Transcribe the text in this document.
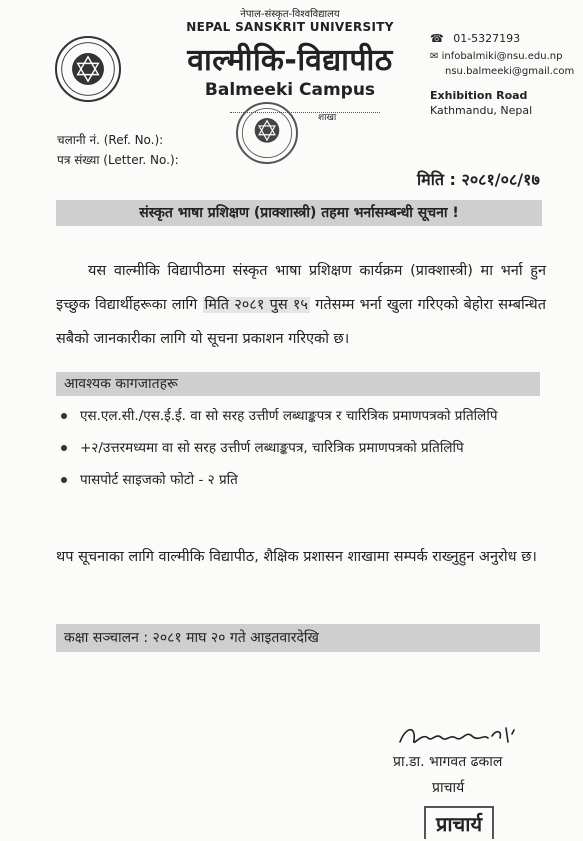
नेपाल-संस्कृत-विश्वविद्यालय
NEPAL SANSKRIT UNIVERSITY
वाल्मीकि-विद्यापीठ
Balmeeki Campus
शाखा
☎ 01-5327193
✉ infobalmiki@nsu.edu.np
nsu.balmeeki@gmail.com
Exhibition Road
Kathmandu, Nepal
चलानी नं. (Ref. No.):
पत्र संख्या (Letter. No.):
मिति : २०८१/०८/१७
संस्कृत भाषा प्रशिक्षण (प्राक्शास्त्री) तहमा भर्नासम्बन्धी सूचना !
यस वाल्मीकि विद्यापीठमा संस्कृत भाषा प्रशिक्षण कार्यक्रम (प्राक्शास्त्री) मा भर्ना हुन इच्छुक विद्यार्थीहरूका लागि मिति २०८१ पुस १५ गतेसम्म भर्ना खुला गरिएको बेहोरा सम्बन्धित सबैको जानकारीका लागि यो सूचना प्रकाशन गरिएको छ।
आवश्यक कागजातहरू
एस.एल.सी./एस.ई.ई. वा सो सरह उत्तीर्ण लब्धाङ्कपत्र र चारित्रिक प्रमाणपत्रको प्रतिलिपि
+२/उत्तरमध्यमा वा सो सरह उत्तीर्ण लब्धाङ्कपत्र, चारित्रिक प्रमाणपत्रको प्रतिलिपि
पासपोर्ट साइजको फोटो - २ प्रति
थप सूचनाका लागि वाल्मीकि विद्यापीठ, शैक्षिक प्रशासन शाखामा सम्पर्क राख्नुहुन अनुरोध छ।
कक्षा सञ्चालन : २०८१ माघ २० गते आइतवारदेखि
प्रा.डा. भागवत ढकाल
प्राचार्य
प्राचार्य
